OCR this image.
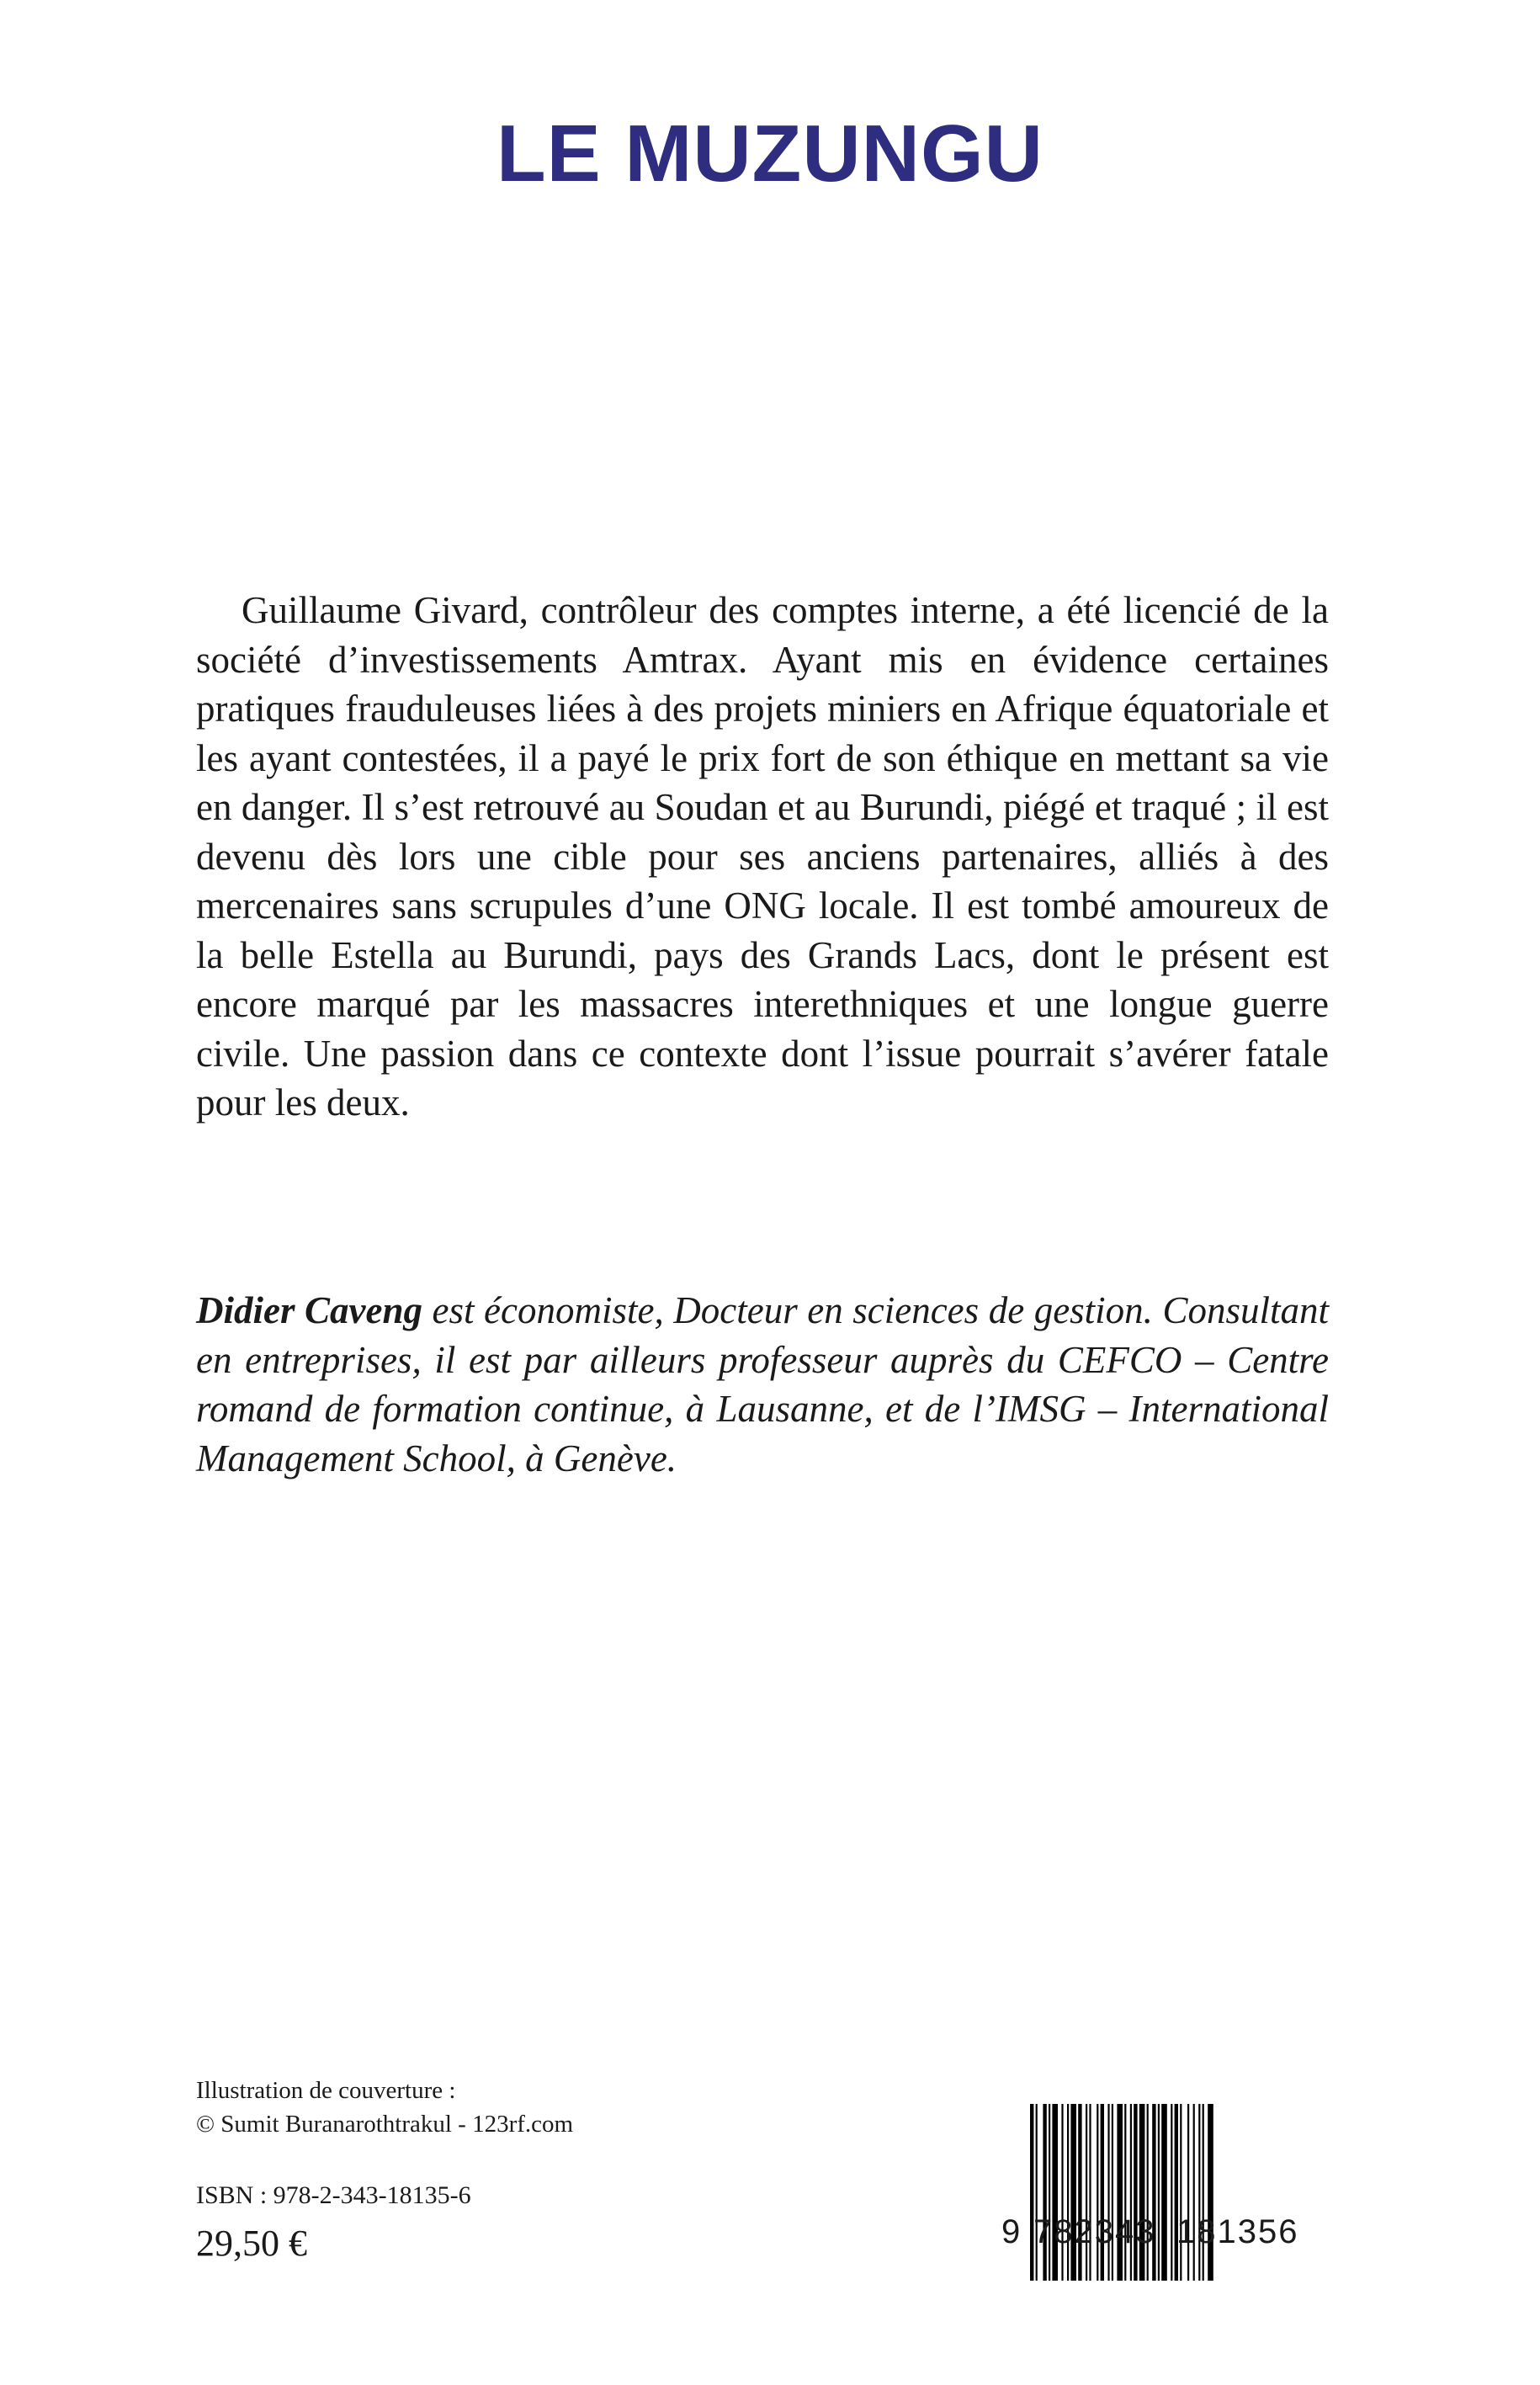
LE MUZUNGU

Guillaume Givard, contrôleur des comptes interne, a été licencié de la société d’investissements Amtrax. Ayant mis en évidence certaines pratiques frauduleuses liées à des projets miniers en Afrique équatoriale et les ayant contestées, il a payé le prix fort de son éthique en mettant sa vie en danger. Il s’est retrouvé au Soudan et au Burundi, piégé et traqué ; il est devenu dès lors une cible pour ses anciens partenaires, alliés à des mercenaires sans scrupules d’une ONG locale. Il est tombé amoureux de la belle Estella au Burundi, pays des Grands Lacs, dont le présent est encore marqué par les massacres interethniques et une longue guerre civile. Une passion dans ce contexte dont l’issue pourrait s’avérer fatale pour les deux.

Didier Caveng est économiste, Docteur en sciences de gestion. Consultant en entreprises, il est par ailleurs professeur auprès du CEFCO – Centre romand de formation continue, à Lausanne, et de l’IMSG – International Management School, à Genève.

Illustration de couverture :

© Sumit Buranarothtrakul - 123rf.com

ISBN : 978-2-343-18135-6

29,50 €	9 782343 181356
